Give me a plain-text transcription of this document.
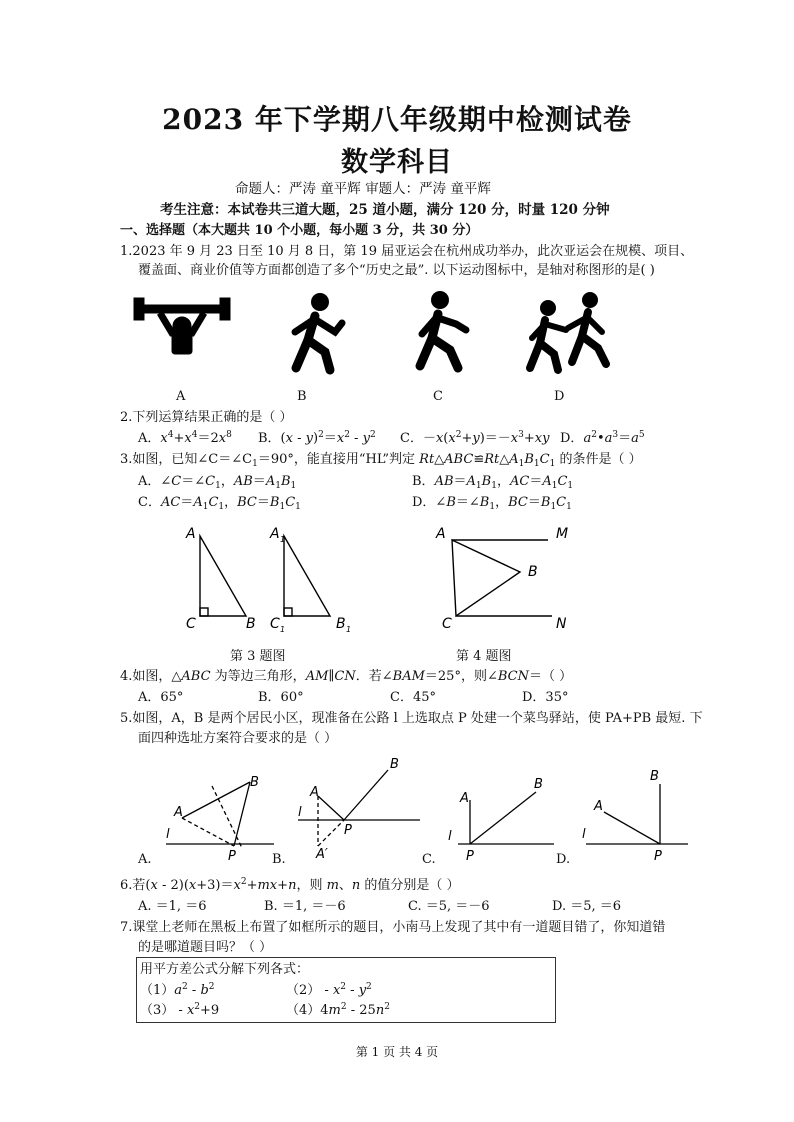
2023 年下学期八年级期中检测试卷
数学科目
命题人：严涛 童平辉 审题人：严涛 童平辉
考生注意：本试卷共三道大题，25 道小题，满分 120 分，时量 120 分钟
一、选择题（本大题共 10 个小题，每小题 3 分，共 30 分）
1.2023 年 9 月 23 日至 10 月 8 日，第 19 届亚运会在杭州成功举办，此次亚运会在规模、项目、
覆盖面、商业价值等方面都创造了多个“历史之最”. 以下运动图标中，是轴对称图形的是( )
A	B	C	D
2.下列运算结果正确的是（ ）
A．$x^4+x^4=2x^8$ B．$(x - y)^2=x^2 - y^2$ C．$-x(x^2+y)=-x^3+xy$ D．$a^2•a^3=a^5$
3.如图，已知$\angle C=\angle C_1=90^\circ$，能直接用“HL”判定 $Rt\triangle ABC≌Rt\triangle A_1B_1C_1$ 的条件是（ ）
A．$\angle C=\angle C_1$，$AB=A_1B_1$	B．$AB=A_1B_1$，$AC=A_1C_1$
C．$AC=A_1C_1$，$BC=B_1C_1$	D．$\angle B=\angle B_1$，$BC=B_1C_1$
A
C	B
A 1
C 1	B 1
A	M
B
C	N
第 3 题图	第 4 题图
4.如图，△ABC 为等边三角形，AM∥CN．若∠BAM＝25°，则∠BCN＝（ ）
A．65°	B．60°	C．45°	D．35°
5.如图，A，B 是两个居民小区，现准备在公路 l 上选取点 P 处建一个菜鸟驿站，使 PA+PB 最短. 下
面四种选址方案符合要求的是（ ）
A
B
l
P
A
B
l
P
A′
A
B
l
P
A
B
l
P
A.	B.	C.	D.
6.若$(x - 2)(x+3)=x^2+mx+n$，则 m、n 的值分别是（ ）
A. ＝1, ＝6	B. ＝1, ＝－6	C. ＝5, ＝－6	D. ＝5, ＝6
7.课堂上老师在黑板上布置了如框所示的题目，小南马上发现了其中有一道题目错了，你知道错
的是哪道题目吗？（ ）
用平方差公式分解下列各式：
$(1)a^2 - b^2$	$(2) - x^2 - y^2$
$(3) - x^2+9$	$(4)4m^2 - 25n^2$
第 1 页 共 4 页
